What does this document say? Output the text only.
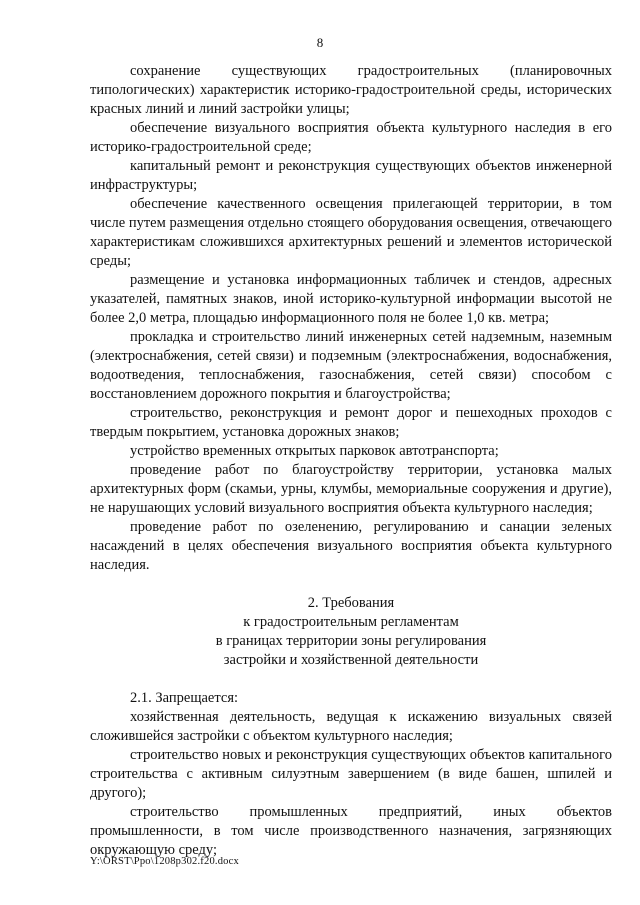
8

сохранение существующих градостроительных (планировочных типологических) характеристик историко-градостроительной среды, исторических красных линий и линий застройки улицы;

обеспечение визуального восприятия объекта культурного наследия в его историко-градостроительной среде;

капитальный ремонт и реконструкция существующих объектов инженерной инфраструктуры;

обеспечение качественного освещения прилегающей территории, в том числе путем размещения отдельно стоящего оборудования освещения, отвечающего характеристикам сложившихся архитектурных решений и элементов исторической среды;

размещение и установка информационных табличек и стендов, адресных указателей, памятных знаков, иной историко-культурной информации высотой не более 2,0 метра, площадью информационного поля не более 1,0 кв. метра;

прокладка и строительство линий инженерных сетей надземным, наземным (электроснабжения, сетей связи) и подземным (электроснабжения, водоснабжения, водоотведения, теплоснабжения, газоснабжения, сетей связи) способом с восстановлением дорожного покрытия и благоустройства;

строительство, реконструкция и ремонт дорог и пешеходных проходов с твердым покрытием, установка дорожных знаков;

устройство временных открытых парковок автотранспорта;

проведение работ по благоустройству территории, установка малых архитектурных форм (скамьи, урны, клумбы, мемориальные сооружения и другие), не нарушающих условий визуального восприятия объекта культурного наследия;

проведение работ по озеленению, регулированию и санации зеленых насаждений в целях обеспечения визуального восприятия объекта культурного наследия.

2. Требования

к градостроительным регламентам

в границах территории зоны регулирования

застройки и хозяйственной деятельности

2.1. Запрещается:

хозяйственная деятельность, ведущая к искажению визуальных связей сложившейся застройки с объектом культурного наследия;

строительство новых и реконструкция существующих объектов капитального строительства с активным силуэтным завершением (в виде башен, шпилей и другого);

строительство промышленных предприятий, иных объектов промышленности, в том числе производственного назначения, загрязняющих окружающую среду;

Y:\ORST\Ppo\1208p302.f20.docx
